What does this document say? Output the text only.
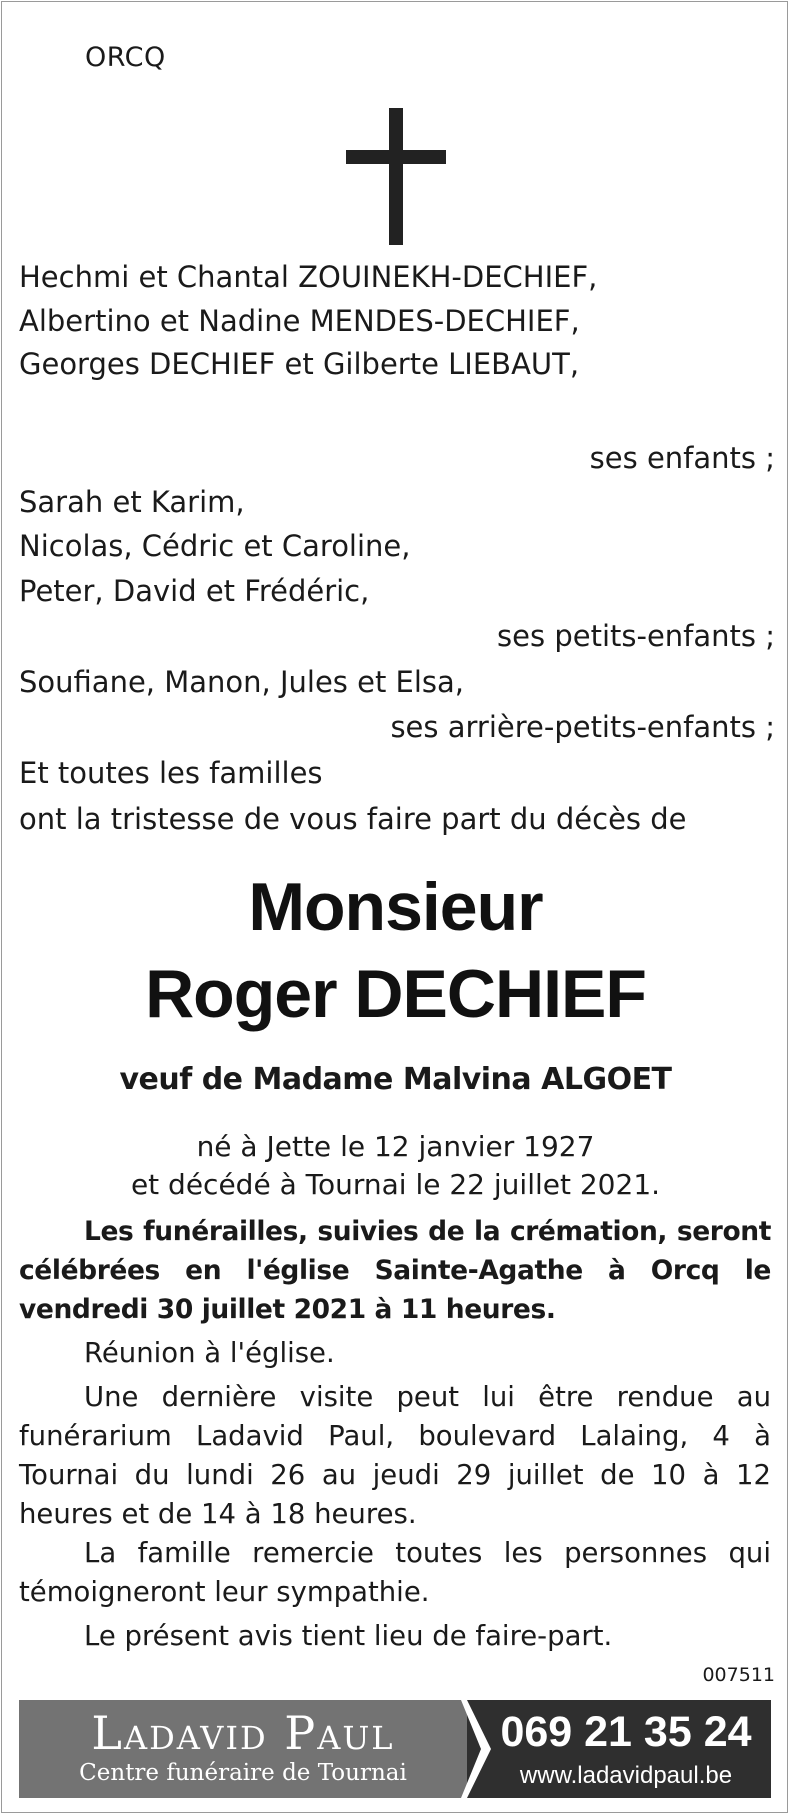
ORCQ

Hechmi et Chantal ZOUINEKH-DECHIEF,

Albertino et Nadine MENDES-DECHIEF,

Georges DECHIEF et Gilberte LIEBAUT,

ses enfants ;

Sarah et Karim,

Nicolas, Cédric et Caroline,

Peter, David et Frédéric,

ses petits-enfants ;

Soufiane, Manon, Jules et Elsa,

ses arrière-petits-enfants ;

Et toutes les familles

ont la tristesse de vous faire part du décès de

Monsieur

Roger DECHIEF

veuf de Madame Malvina ALGOET

né à Jette le 12 janvier 1927

et décédé à Tournai le 22 juillet 2021.

Les funérailles, suivies de la crémation, seront célébrées en l'église Sainte-Agathe à Orcq le vendredi 30 juillet 2021 à 11 heures.

Réunion à l'église.

Une dernière visite peut lui être rendue au funérarium Ladavid Paul, boulevard Lalaing, 4 à Tournai du lundi 26 au jeudi 29 juillet de 10 à 12 heures et de 14 à 18 heures.

La famille remercie toutes les personnes qui témoigneront leur sympathie.

Le présent avis tient lieu de faire-part.

007511

Ladavid Paul
Centre funéraire de Tournai
069 21 35 24
www.ladavidpaul.be
